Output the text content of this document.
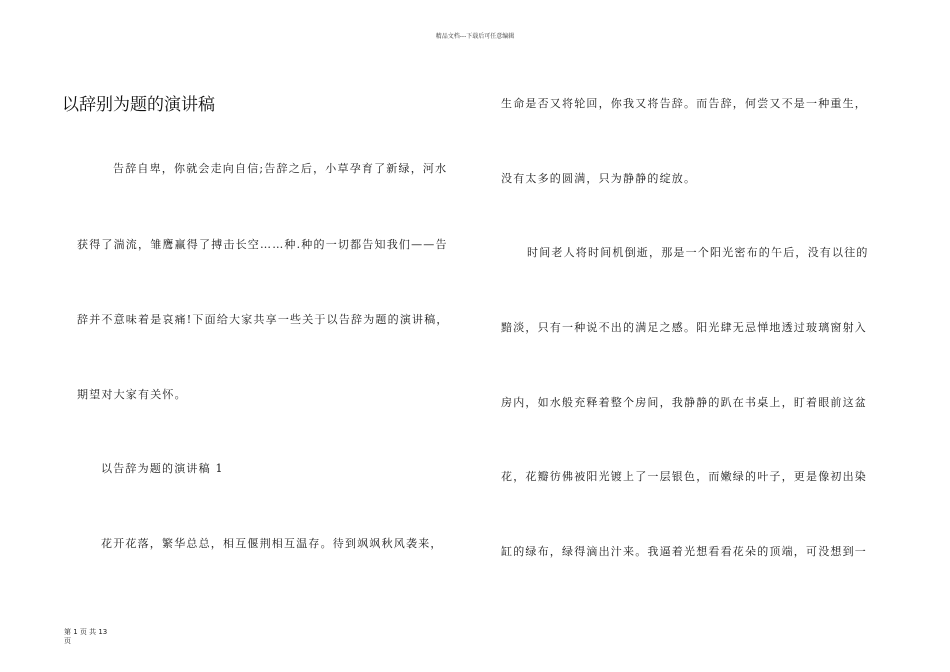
精品文档---下载后可任意编辑
以辞别为题的演讲稿
告辞自卑，你就会走向自信;告辞之后，小草孕育了新绿，河水
获得了湍流，雏鹰赢得了搏击长空……种.种的一切都告知我们——告
辞并不意味着是哀痛!下面给大家共享一些关于以告辞为题的演讲稿，
期望对大家有关怀。
以告辞为题的演讲稿 1
花开花落，繁华总总，相互偃荆相互温存。待到飒飒秋风袭来，
生命是否又将轮回，你我又将告辞。而告辞，何尝又不是一种重生，
没有太多的圆满，只为静静的绽放。
时间老人将时间机倒逝，那是一个阳光密布的午后，没有以往的
黯淡，只有一种说不出的满足之感。阳光肆无忌惮地透过玻璃窗射入
房内，如水般充释着整个房间，我静静的趴在书桌上，盯着眼前这盆
花，花瓣彷佛被阳光镀上了一层银色，而嫩绿的叶子，更是像初出染
缸的绿布，绿得滴出汁来。我逼着光想看看花朵的顶端，可没想到一
第 1 页 共 13
页
